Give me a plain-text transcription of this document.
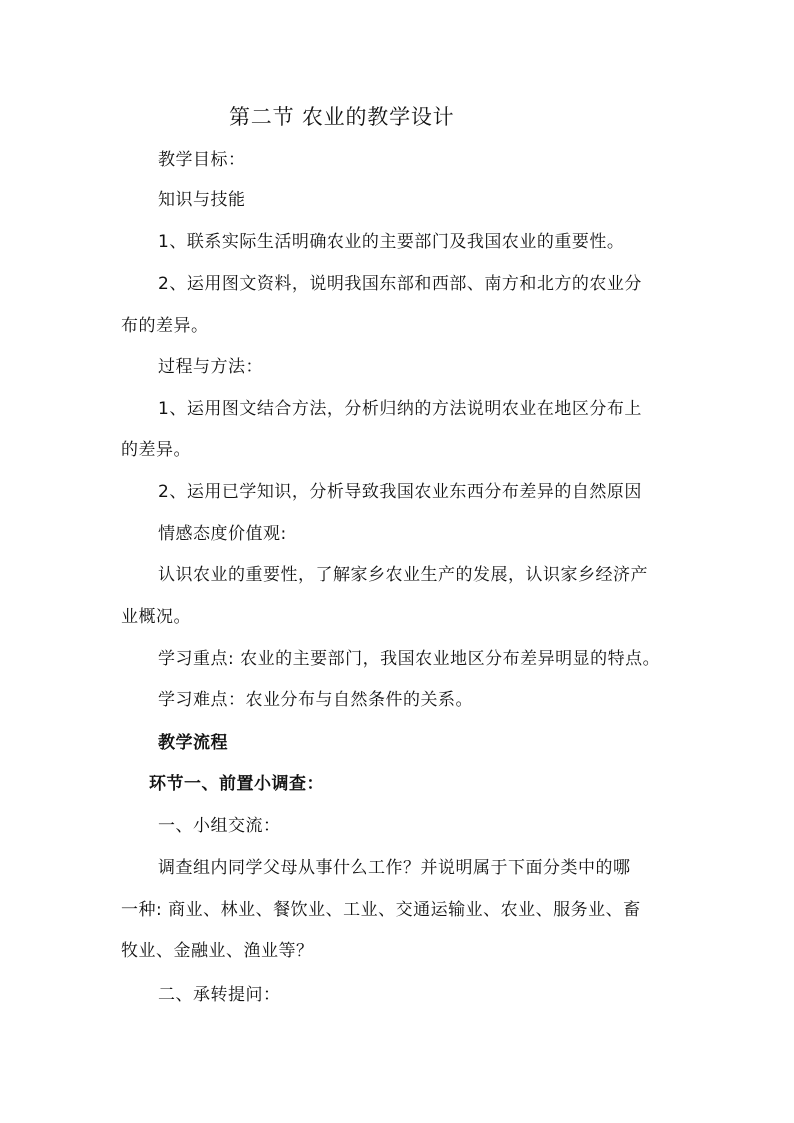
第二节 农业的教学设计
教学目标：
知识与技能
1、联系实际生活明确农业的主要部门及我国农业的重要性。
2、运用图文资料，说明我国东部和西部、南方和北方的农业分
布的差异。
过程与方法：
1、运用图文结合方法，分析归纳的方法说明农业在地区分布上
的差异。
2、运用已学知识，分析导致我国农业东西分布差异的自然原因
情感态度价值观:
认识农业的重要性，了解家乡农业生产的发展，认识家乡经济产
业概况。
学习重点: 农业的主要部门，我国农业地区分布差异明显的特点。
学习难点：农业分布与自然条件的关系。
教学流程
环节一、前置小调查：
一、小组交流：
调查组内同学父母从事什么工作？并说明属于下面分类中的哪
一种: 商业、林业、餐饮业、工业、交通运输业、农业、服务业、畜
牧业、金融业、渔业等？
二、承转提问：
